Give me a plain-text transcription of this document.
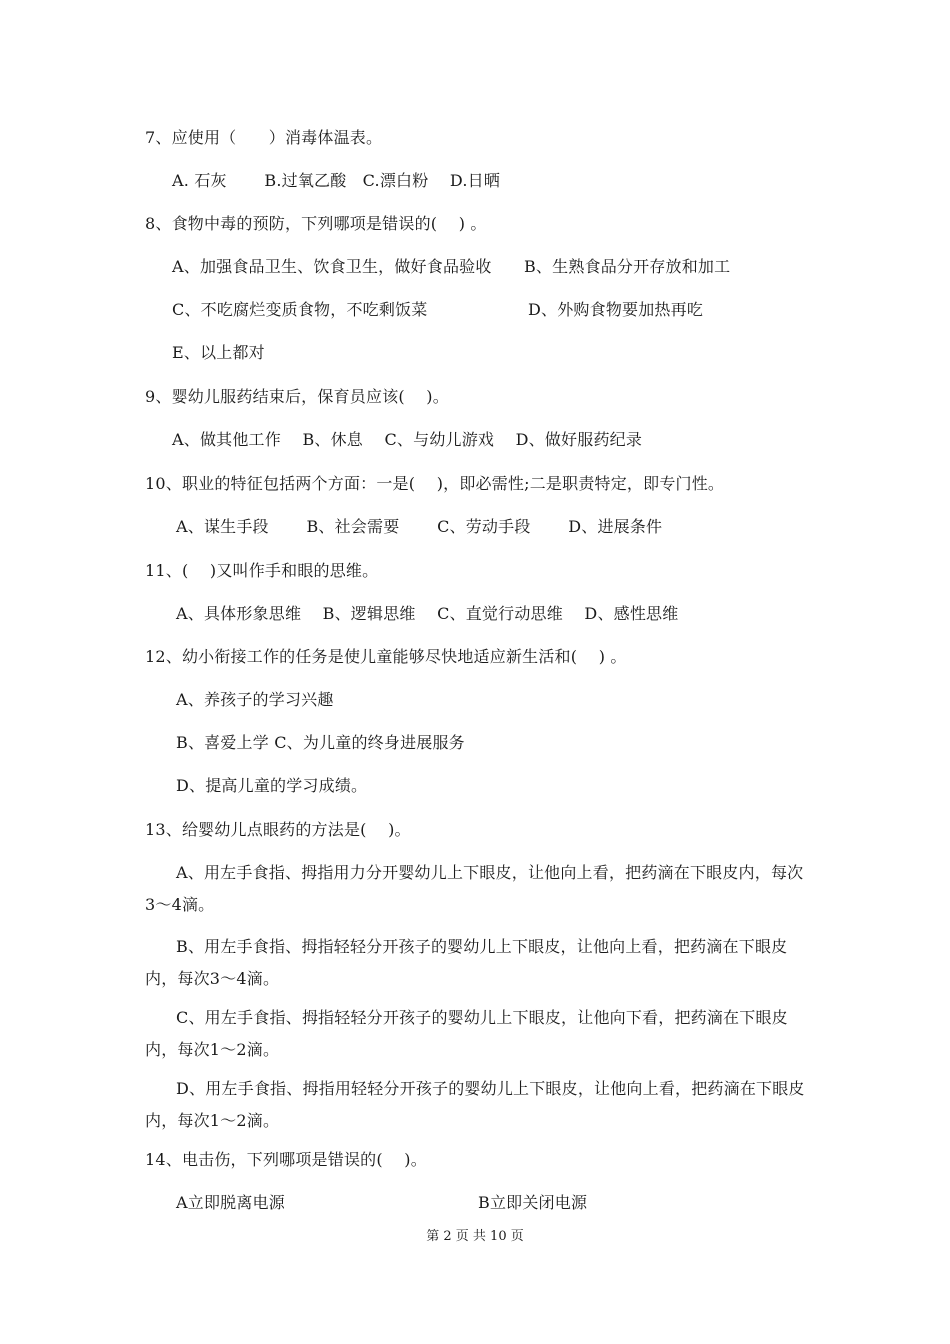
7、应使用（　　）消毒体温表。
A. 石灰　　 B.过氧乙酸　C.漂白粉　 D.日晒
8、食物中毒的预防，下列哪项是错误的(　 ) 。
A、加强食品卫生、饮食卫生，做好食品验收　　B、生熟食品分开存放和加工
C、不吃腐烂变质食物，不吃剩饭菜	D、外购食物要加热再吃
E、以上都对
9、婴幼儿服药结束后，保育员应该(　 )。
A、做其他工作　 B、休息　 C、与幼儿游戏　 D、做好服药纪录
10、职业的特征包括两个方面：一是(　 )，即必需性;二是职责特定，即专门性。
A、谋生手段　　 B、社会需要　　 C、劳动手段　　 D、进展条件
11、(　 )又叫作手和眼的思维。
A、具体形象思维　 B、逻辑思维　 C、直觉行动思维　 D、感性思维
12、幼小衔接工作的任务是使儿童能够尽快地适应新生活和(　 ) 。
A、养孩子的学习兴趣
B、喜爱上学 C、为儿童的终身进展服务
D、提高儿童的学习成绩。
13、给婴幼儿点眼药的方法是(　 )。
A、用左手食指、拇指用力分开婴幼儿上下眼皮，让他向上看，把药滴在下眼皮内，每次3～4滴。
B、用左手食指、拇指轻轻分开孩子的婴幼儿上下眼皮，让他向上看，把药滴在下眼皮内，每次3～4滴。
C、用左手食指、拇指轻轻分开孩子的婴幼儿上下眼皮，让他向下看，把药滴在下眼皮内，每次1～2滴。
D、用左手食指、拇指用轻轻分开孩子的婴幼儿上下眼皮，让他向上看，把药滴在下眼皮内，每次1～2滴。
14、电击伤，下列哪项是错误的(　 )。
A立即脱离电源	B立即关闭电源
第 2 页 共 10 页
